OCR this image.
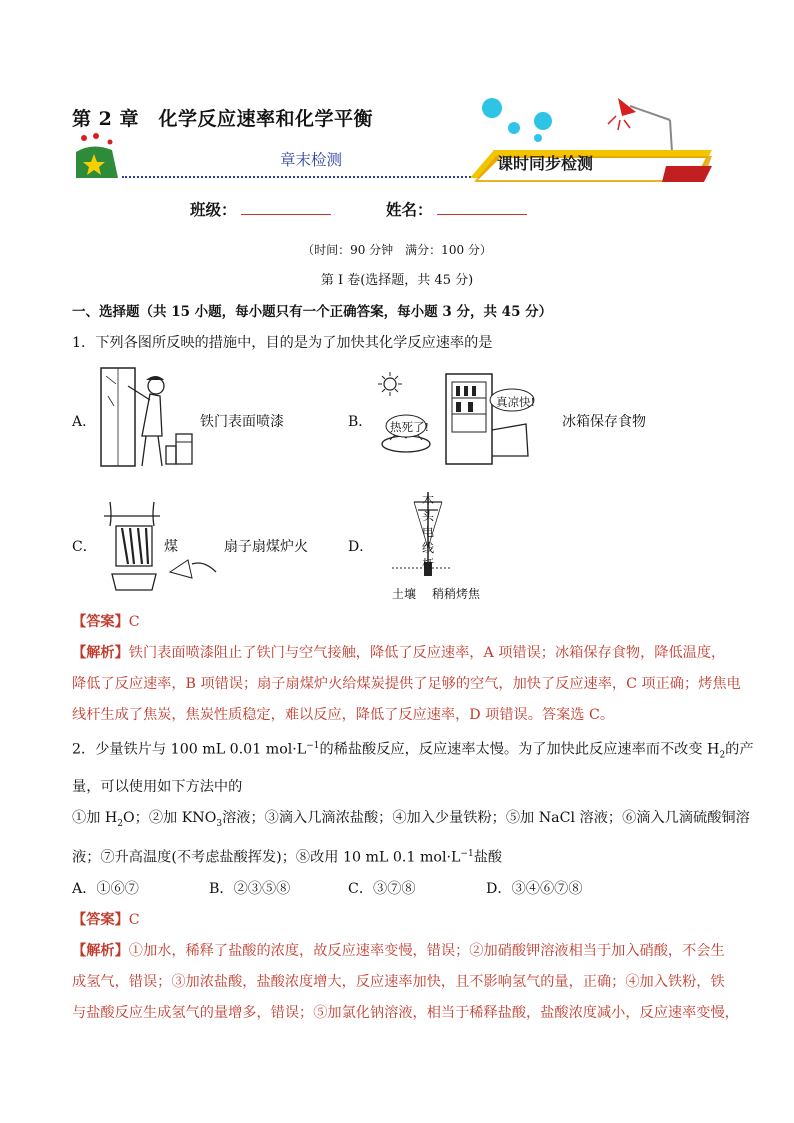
第 2 章　化学反应速率和化学平衡
章末检测	课时同步检测
班级：	姓名：
（时间：90 分钟　满分：100 分）
第 I 卷(选择题，共 45 分)
一、选择题（共 15 小题，每小题只有一个正确答案，每小题 3 分，共 45 分）
1．下列各图所反映的措施中，目的是为了加快其化学反应速率的是
A．	铁门表面喷漆	B． 热死了!
真凉快!
冰箱保存食物
C．	煤	扇子扇煤炉火	D．
木头电线杆
土壤 稍稍烤焦

【答案】C

【解析】铁门表面喷漆阻止了铁门与空气接触，降低了反应速率，A 项错误；冰箱保存食物，降低温度，

降低了反应速率，B 项错误；扇子扇煤炉火给煤炭提供了足够的空气，加快了反应速率，C 项正确；烤焦电

线杆生成了焦炭，焦炭性质稳定，难以反应，降低了反应速率，D 项错误。答案选 C。

2．少量铁片与 100 mL 0.01 $mol\cdot L^{-1}$的稀盐酸反应，反应速率太慢。为了加快此反应速率而不改变 $H_2$的产

量，可以使用如下方法中的

①加 $H_2O$；②加 $KNO_3$溶液；③滴入几滴浓盐酸；④加入少量铁粉；⑤加 NaCl 溶液；⑥滴入几滴硫酸铜溶

液；⑦升高温度(不考虑盐酸挥发)；⑧改用 10 mL 0.1 $mol\cdot L^{-1}$盐酸

A．①⑥⑦	B．②③⑤⑧	C．③⑦⑧	D．③④⑥⑦⑧

【答案】C

【解析】①加水，稀释了盐酸的浓度，故反应速率变慢，错误；②加硝酸钾溶液相当于加入硝酸，不会生

成氢气，错误；③加浓盐酸，盐酸浓度增大，反应速率加快，且不影响氢气的量，正确；④加入铁粉，铁

与盐酸反应生成氢气的量增多，错误；⑤加氯化钠溶液，相当于稀释盐酸，盐酸浓度减小，反应速率变慢，
